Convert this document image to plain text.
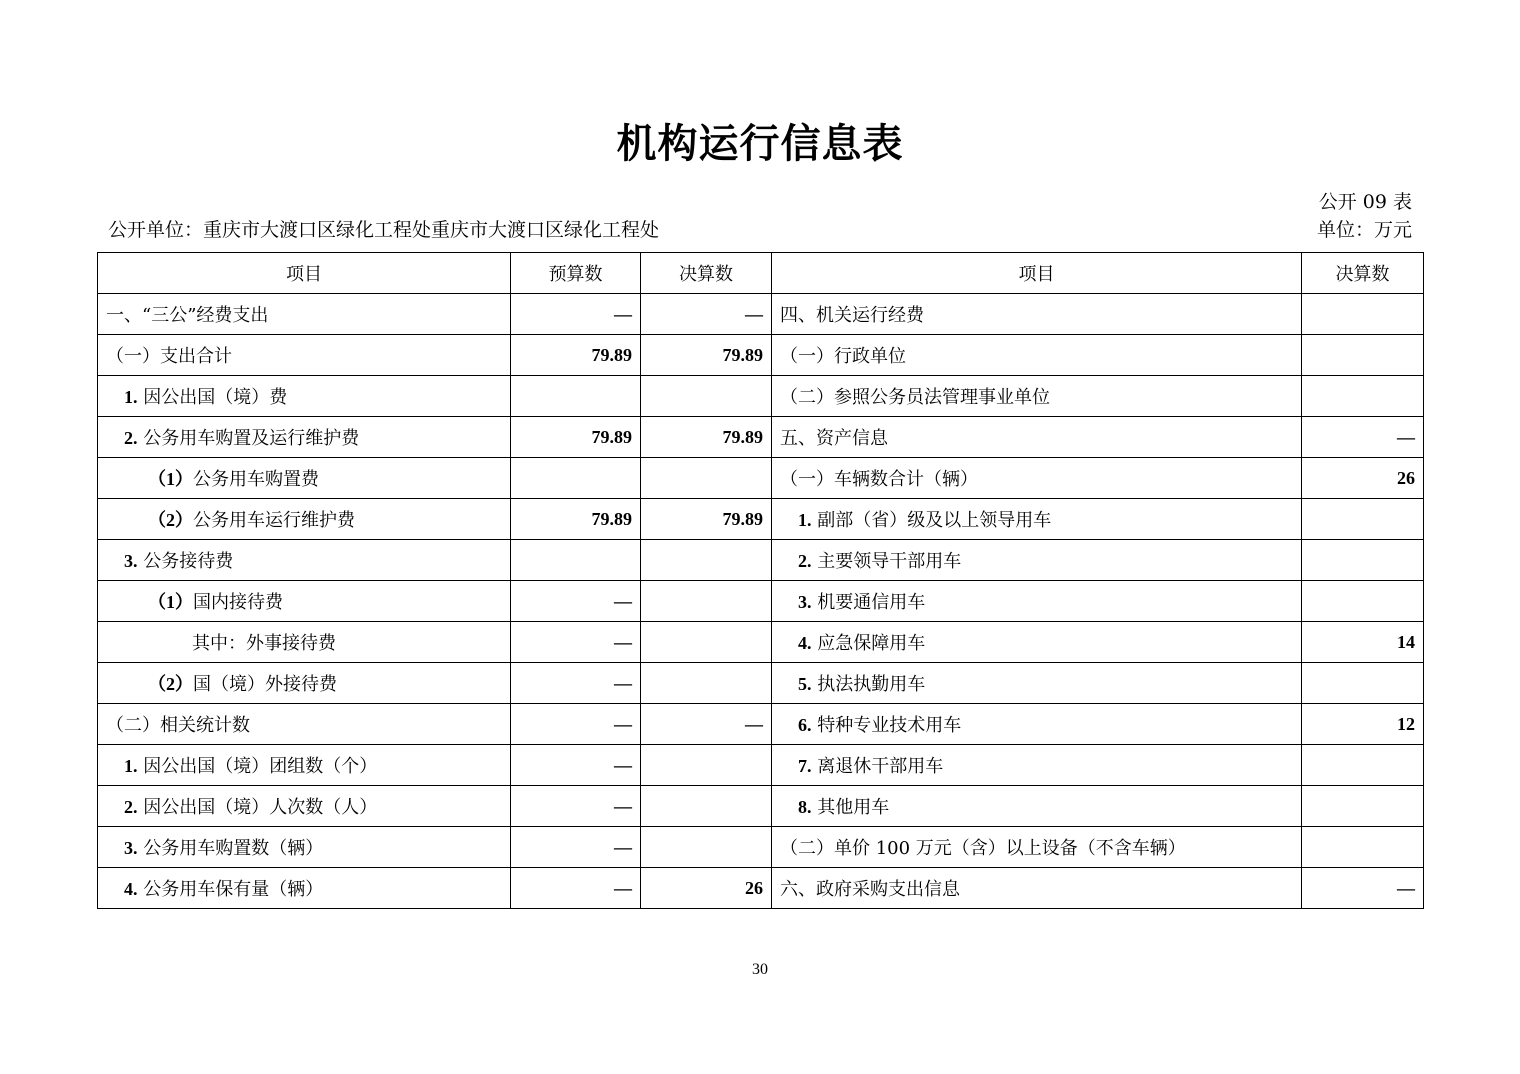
机构运行信息表
公开 09 表
公开单位：重庆市大渡口区绿化工程处重庆市大渡口区绿化工程处	单位：万元
项目	预算数	决算数	项目	决算数
一、“三公”经费支出	—	—	四、机关运行经费	
（一）支出合计	79.89	79.89	（一）行政单位	
1. 因公出国（境）费			（二）参照公务员法管理事业单位	
2. 公务用车购置及运行维护费	79.89	79.89	五、资产信息	—
（1）公务用车购置费			（一）车辆数合计（辆）	26
（2）公务用车运行维护费	79.89	79.89	1. 副部（省）级及以上领导用车	
3. 公务接待费			2. 主要领导干部用车	
（1）国内接待费	—		3. 机要通信用车	
其中：外事接待费	—		4. 应急保障用车	14
（2）国（境）外接待费	—		5. 执法执勤用车	
（二）相关统计数	—	—	6. 特种专业技术用车	12
1. 因公出国（境）团组数（个）	—		7. 离退休干部用车	
2. 因公出国（境）人次数（人）	—		8. 其他用车	
3. 公务用车购置数（辆）	—		（二）单价 100 万元（含）以上设备（不含车辆）	
4. 公务用车保有量（辆）	—	26	六、政府采购支出信息	—
30
